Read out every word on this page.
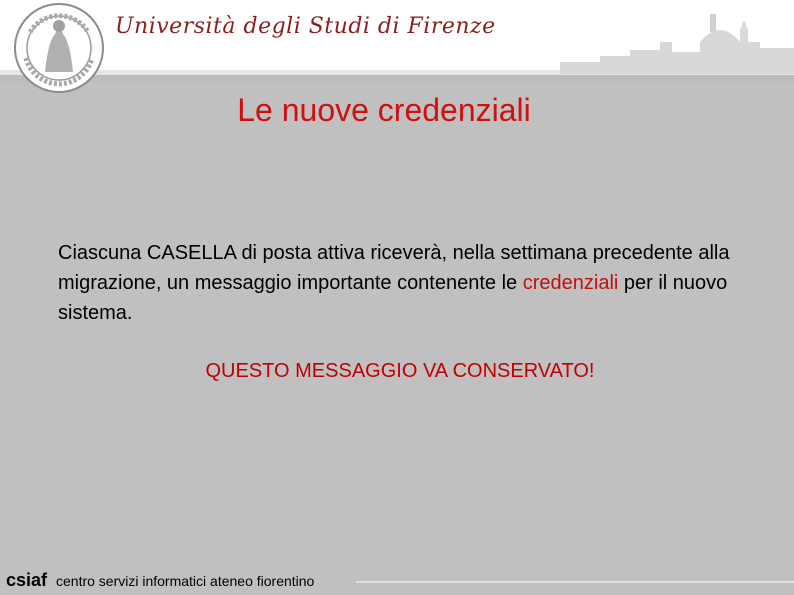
Università degli Studi di Firenze
Le nuove credenziali
Ciascuna CASELLA di posta attiva riceverà, nella settimana precedente alla migrazione, un messaggio importante contenente le credenziali per il nuovo sistema.
QUESTO MESSAGGIO VA CONSERVATO!
csiaf centro servizi informatici ateneo fiorentino
